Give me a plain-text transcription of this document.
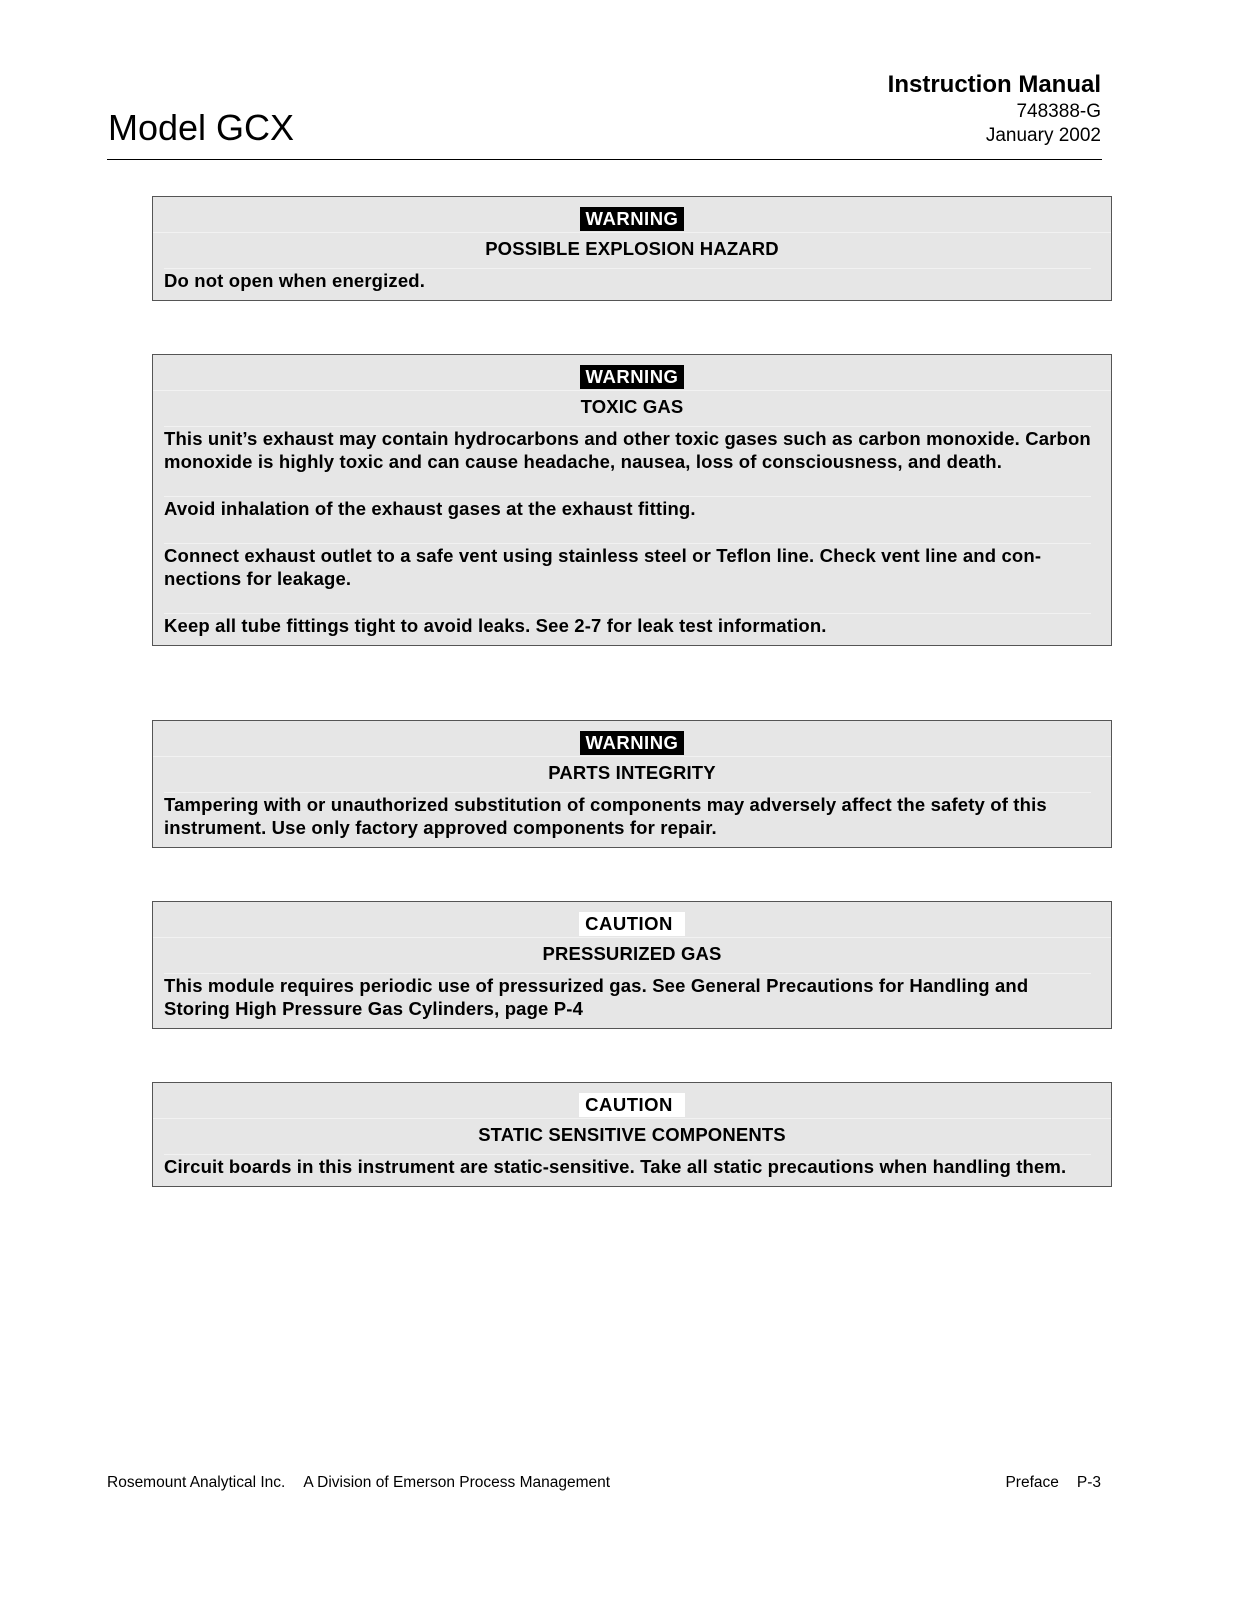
Model GCX
Instruction Manual
748388-G
January 2002
WARNING
POSSIBLE EXPLOSION HAZARD
Do not open when energized.
WARNING
TOXIC GAS
This unit’s exhaust may contain hydrocarbons and other toxic gases such as carbon monoxide. Carbon monoxide is highly toxic and can cause headache, nausea, loss of consciousness, and death.
Avoid inhalation of the exhaust gases at the exhaust fitting.
Connect exhaust outlet to a safe vent using stainless steel or Teflon line. Check vent line and con-nections for leakage.
Keep all tube fittings tight to avoid leaks. See 2-7 for leak test information.
WARNING
PARTS INTEGRITY
Tampering with or unauthorized substitution of components may adversely affect the safety of this instrument. Use only factory approved components for repair.
CAUTION
PRESSURIZED GAS
This module requires periodic use of pressurized gas. See General Precautions for Handling and Storing High Pressure Gas Cylinders, page P-4
CAUTION
STATIC SENSITIVE COMPONENTS
Circuit boards in this instrument are static-sensitive. Take all static precautions when handling them.
Rosemount Analytical Inc. A Division of Emerson Process Management	Preface P-3
